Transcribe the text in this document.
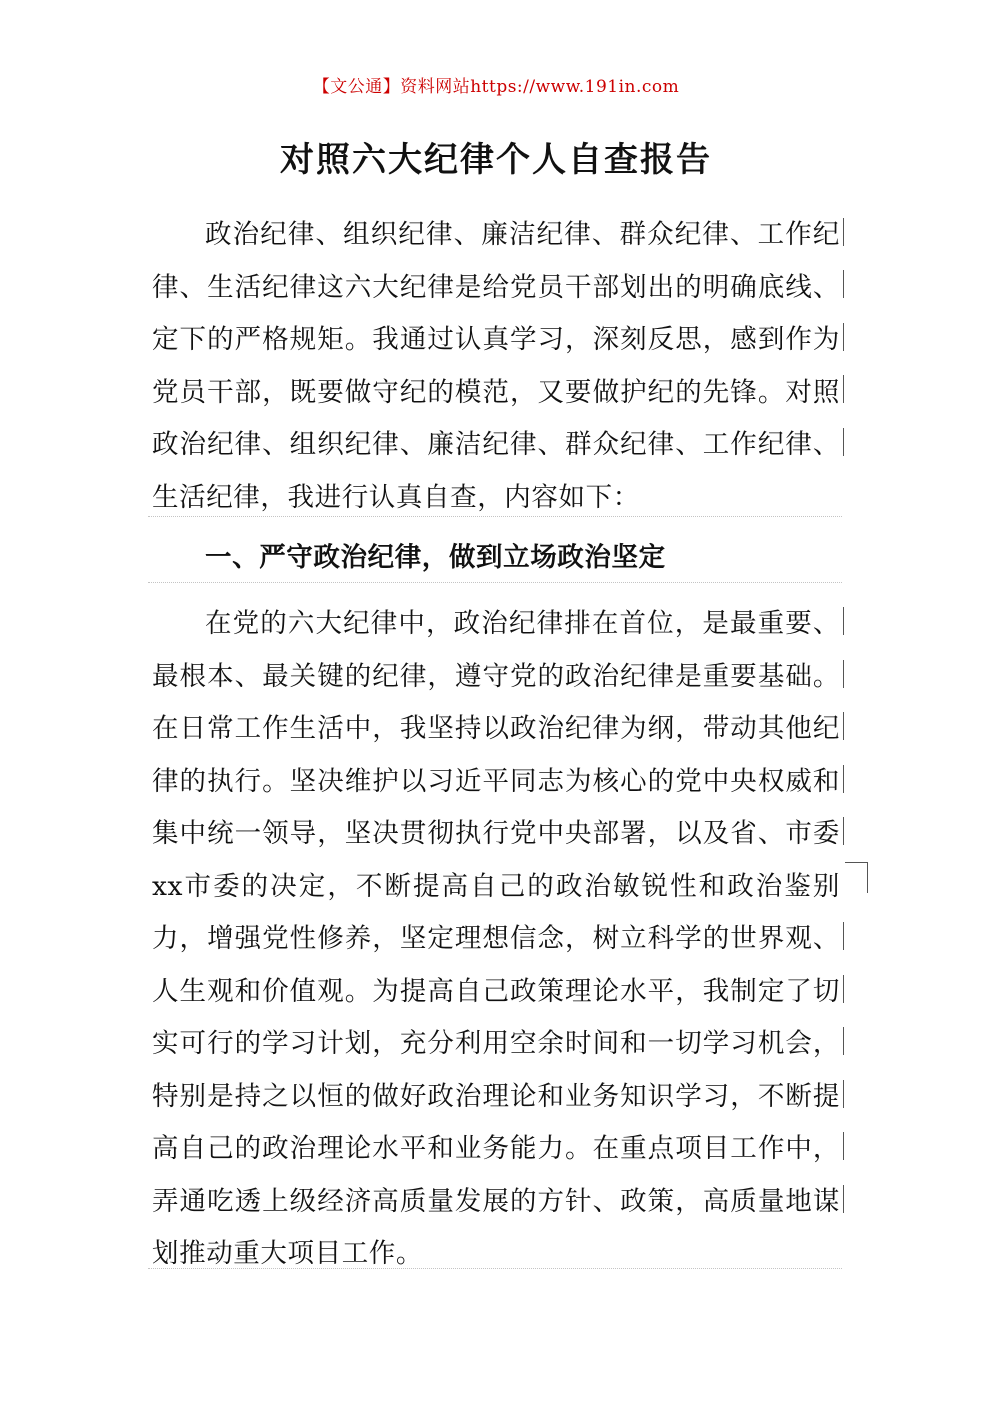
【文公通】资料网站https://www.191in.com
对照六大纪律个人自查报告
政治纪律、组织纪律、廉洁纪律、群众纪律、工作纪律、生活纪律这六大纪律是给党员干部划出的明确底线、定下的严格规矩。我通过认真学习，深刻反思，感到作为党员干部，既要做守纪的模范，又要做护纪的先锋。对照政治纪律、组织纪律、廉洁纪律、群众纪律、工作纪律、生活纪律，我进行认真自查，内容如下：
一、严守政治纪律，做到立场政治坚定
在党的六大纪律中，政治纪律排在首位，是最重要、最根本、最关键的纪律，遵守党的政治纪律是重要基础。在日常工作生活中，我坚持以政治纪律为纲，带动其他纪律的执行。坚决维护以习近平同志为核心的党中央权威和集中统一领导，坚决贯彻执行党中央部署，以及省、市委xx市委的决定，不断提高自己的政治敏锐性和政治鉴别力，增强党性修养，坚定理想信念，树立科学的世界观、人生观和价值观。为提高自己政策理论水平，我制定了切实可行的学习计划，充分利用空余时间和一切学习机会，特别是持之以恒的做好政治理论和业务知识学习，不断提高自己的政治理论水平和业务能力。在重点项目工作中，弄通吃透上级经济高质量发展的方针、政策，高质量地谋划推动重大项目工作。
